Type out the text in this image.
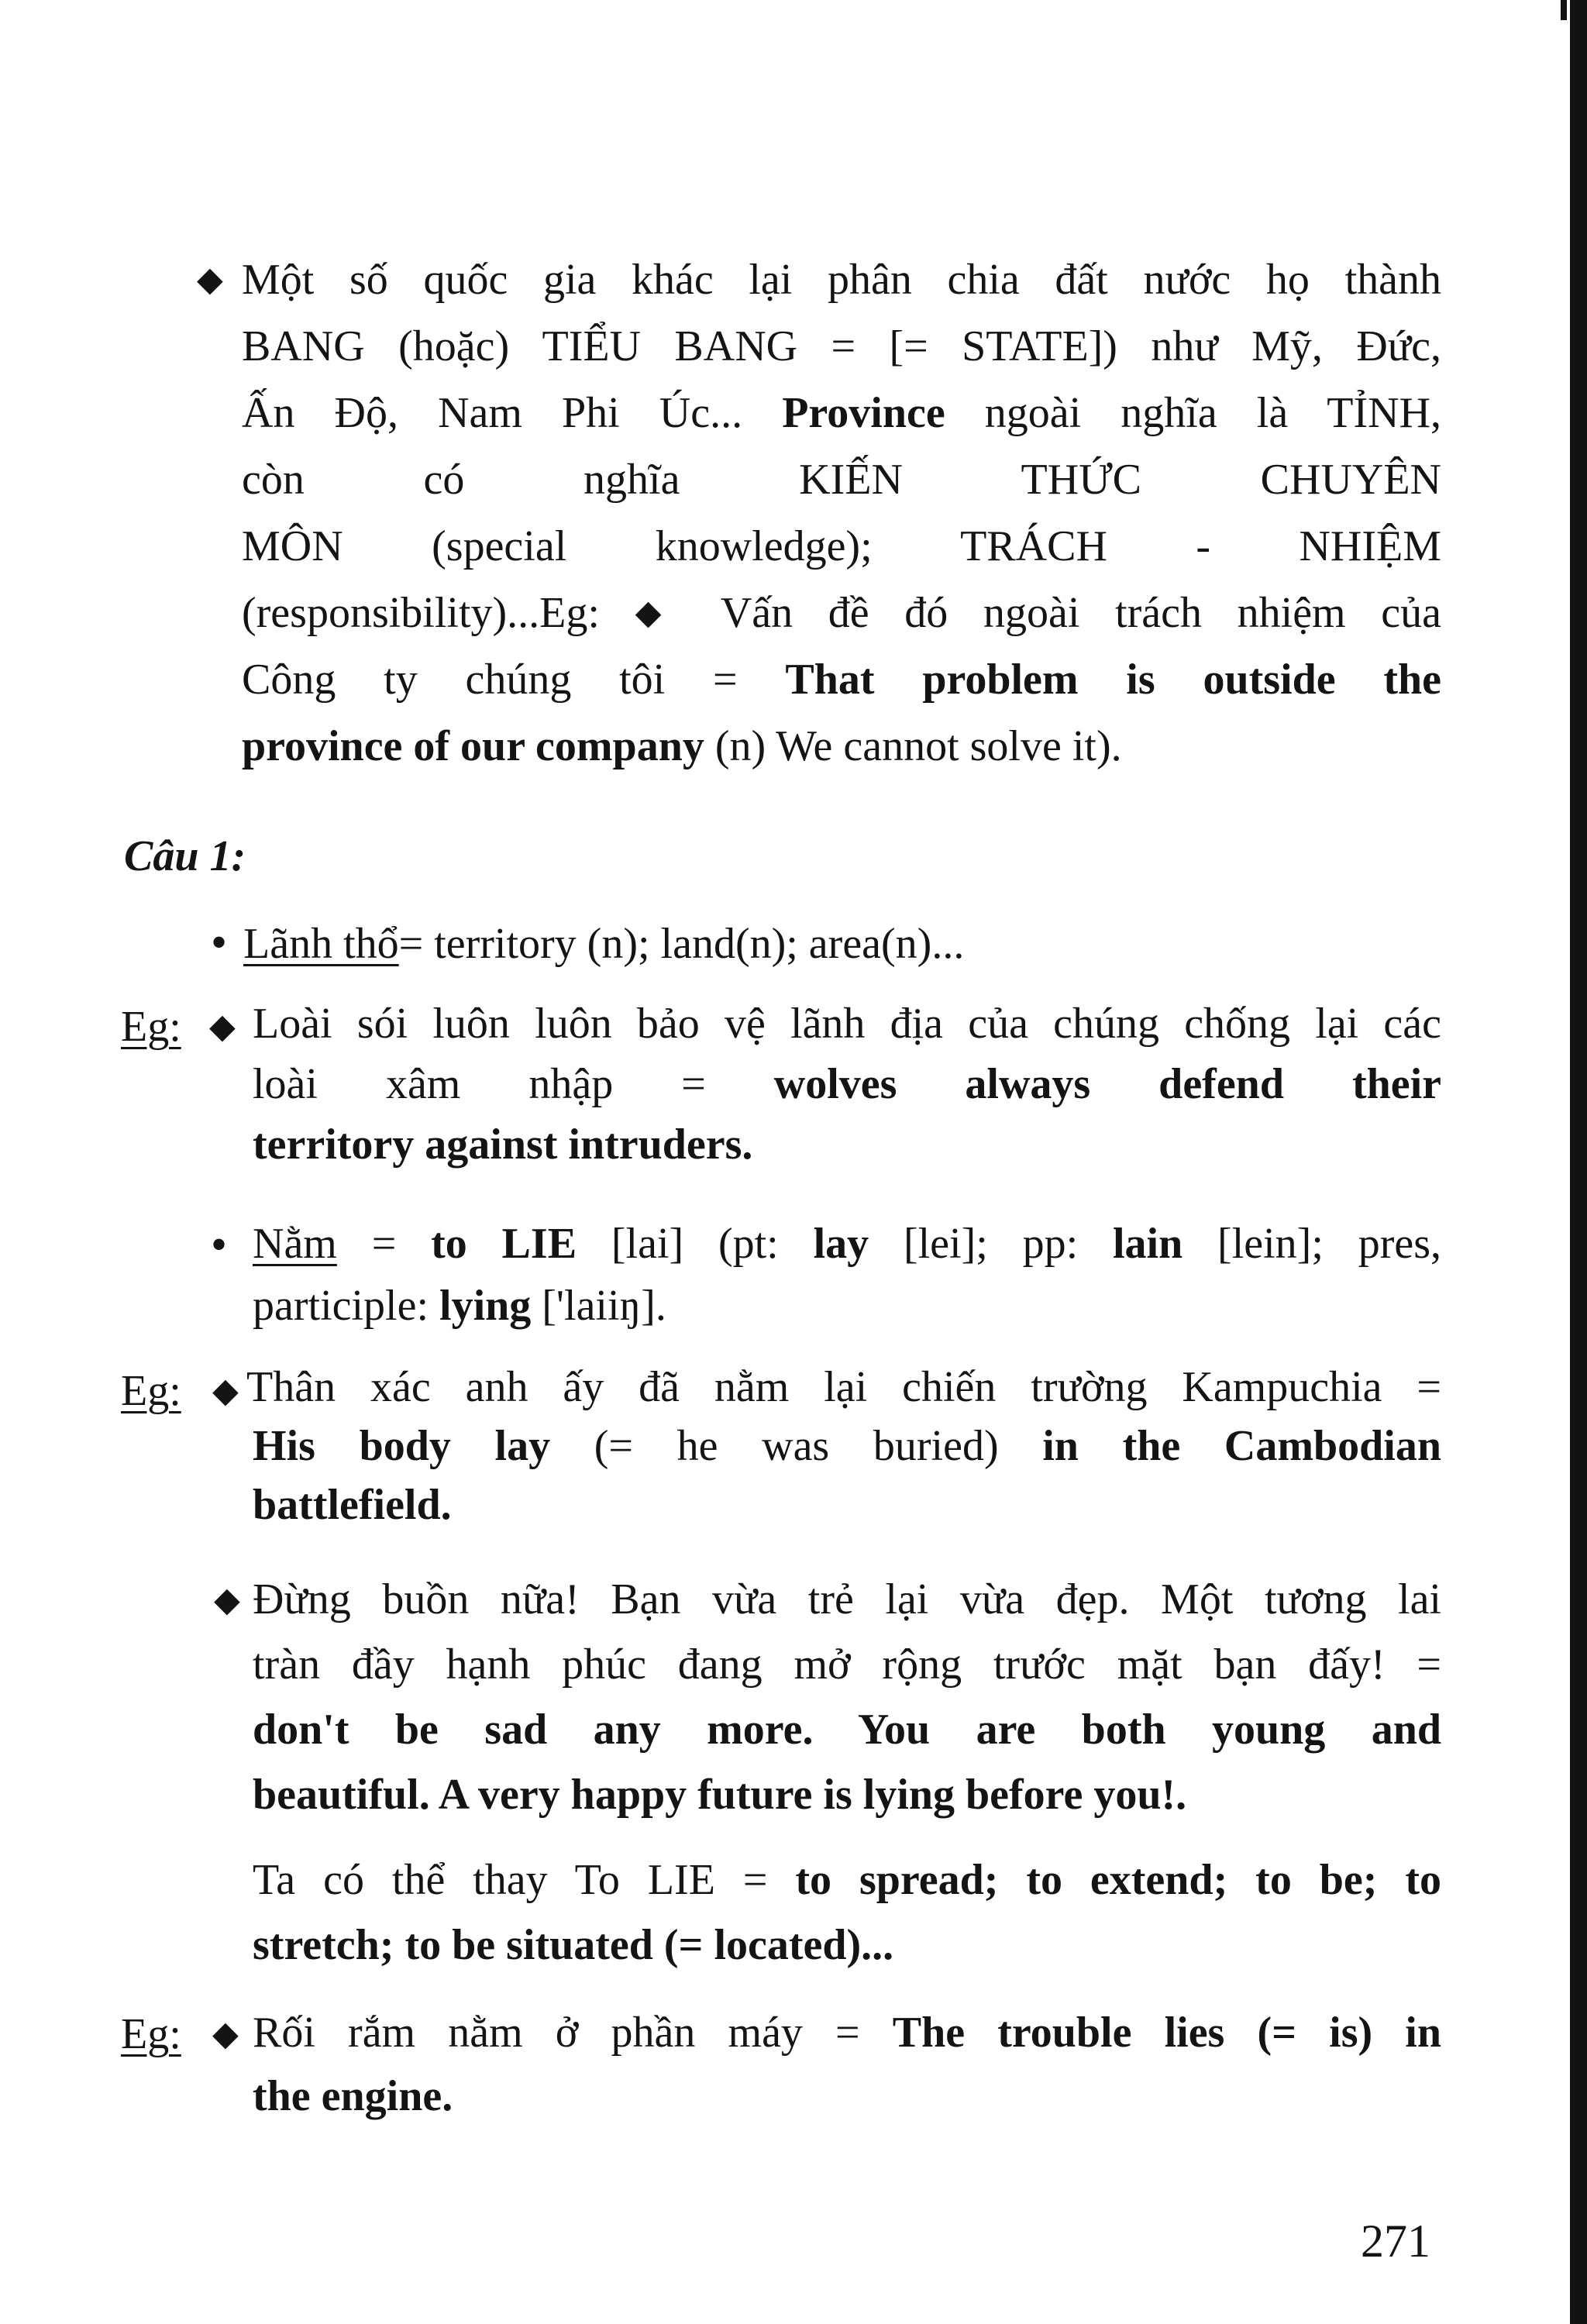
◆ Một số quốc gia khác lại phân chia đất nước họ thành
BANG (hoặc) TIỂU BANG = [= STATE]) như Mỹ, Đức,
Ấn Độ, Nam Phi Úc... Province ngoài nghĩa là TỈNH,
còn có nghĩa KIẾN THỨC CHUYÊN
MÔN (special knowledge); TRÁCH - NHIỆM
(responsibility)...Eg: ◆ Vấn đề đó ngoài trách nhiệm của
Công ty chúng tôi = That problem is outside the
province of our company (n) We cannot solve it).
Câu 1:
• Lãnh thổ= territory (n); land(n); area(n)...
Eg: ◆ Loài sói luôn luôn bảo vệ lãnh địa của chúng chống lại các
loài xâm nhập = wolves always defend their
territory against intruders.
• Nằm = to LIE [lai] (pt: lay [lei]; pp: lain [lein]; pres,
participle: lying ['laiiŋ].
Eg: ◆ Thân xác anh ấy đã nằm lại chiến trường Kampuchia =
His body lay (= he was buried) in the Cambodian
battlefield.
◆ Đừng buồn nữa! Bạn vừa trẻ lại vừa đẹp. Một tương lai
tràn đầy hạnh phúc đang mở rộng trước mặt bạn đấy! =
don't be sad any more. You are both young and
beautiful. A very happy future is lying before you!.
Ta có thể thay To LIE = to spread; to extend; to be; to
stretch; to be situated (= located)...
Eg: ◆ Rối rắm nằm ở phần máy = The trouble lies (= is) in
the engine.
271
